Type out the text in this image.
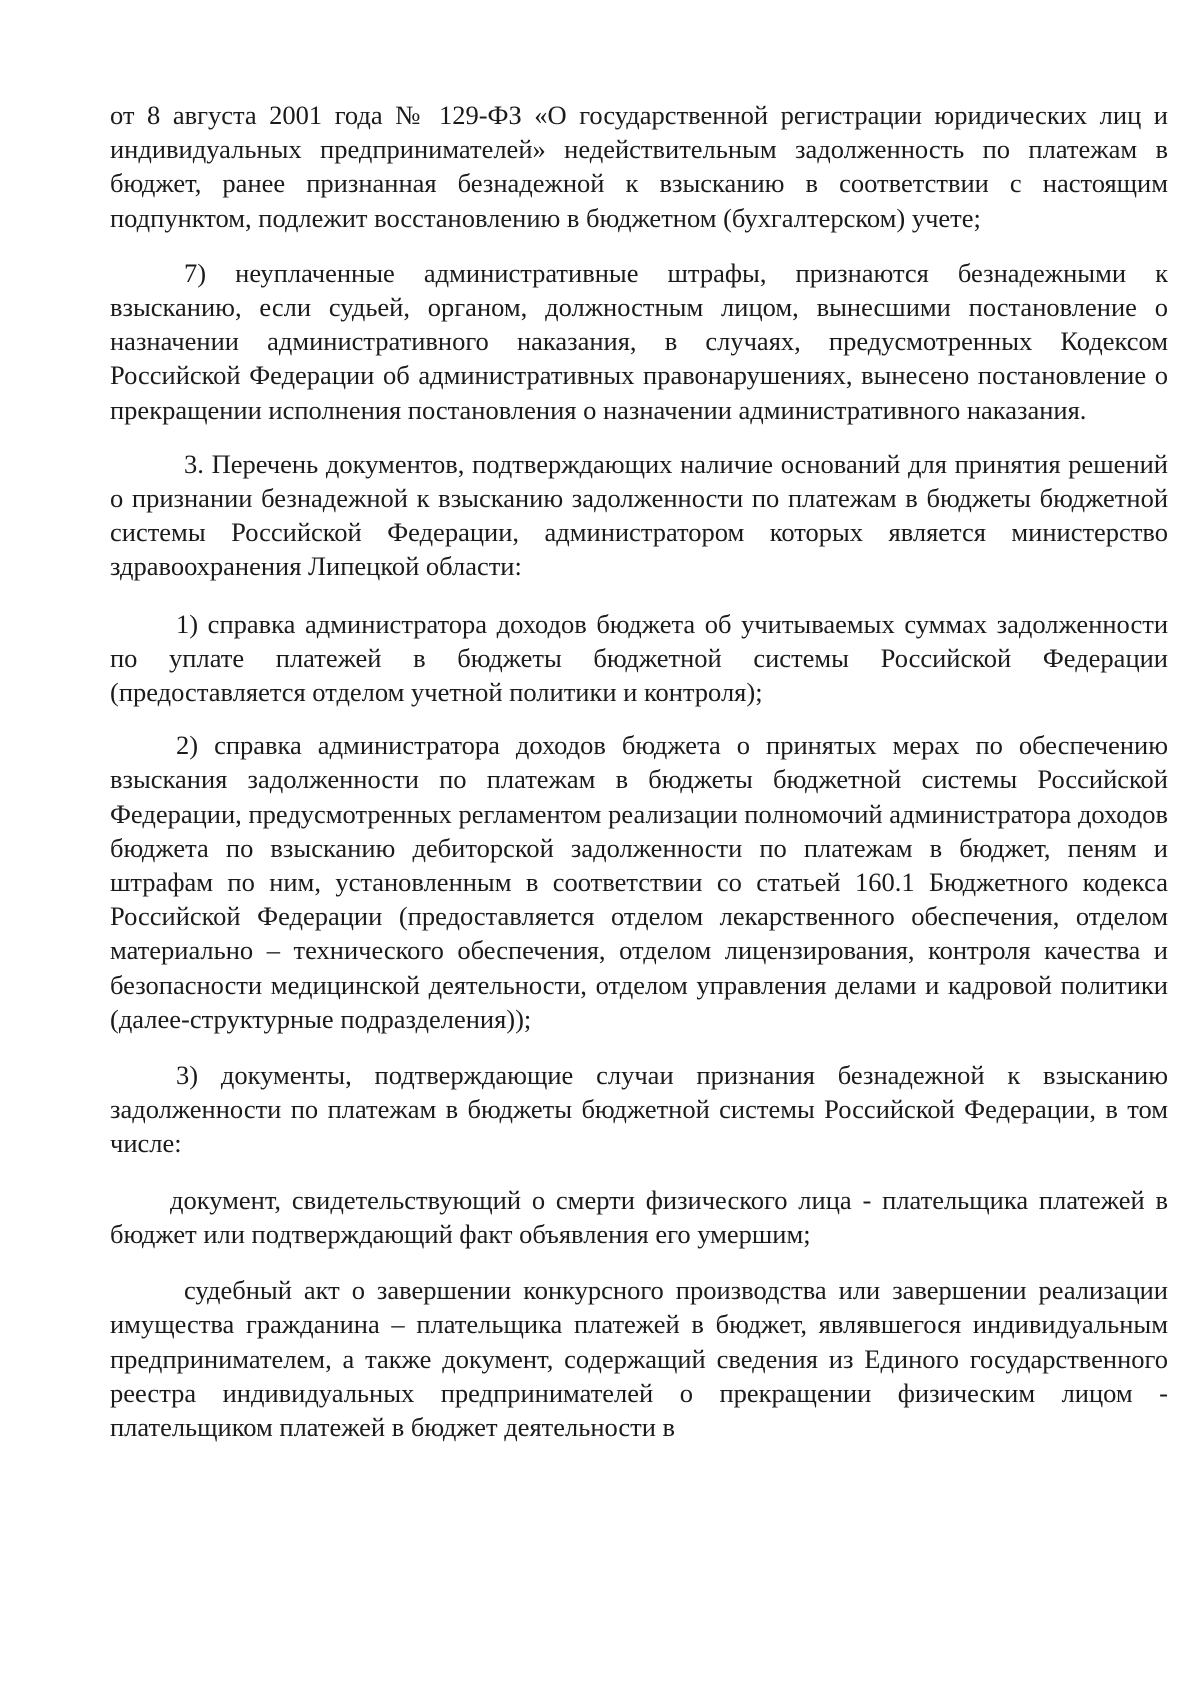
от 8 августа 2001 года № 129-ФЗ «О государственной регистрации юридических лиц и индивидуальных предпринимателей» недействительным задолженность по платежам в бюджет, ранее признанная безнадежной к взысканию в соответствии с настоящим подпунктом, подлежит восстановлению в бюджетном (бухгалтерском) учете;

7) неуплаченные административные штрафы, признаются безнадежными к взысканию, если судьей, органом, должностным лицом, вынесшими постановление о назначении административного наказания, в случаях, предусмотренных Кодексом Российской Федерации об административных правонарушениях, вынесено постановление о прекращении исполнения постановления о назначении административного наказания.

3. Перечень документов, подтверждающих наличие оснований для принятия решений о признании безнадежной к взысканию задолженности по платежам в бюджеты бюджетной системы Российской Федерации, администратором которых является министерство здравоохранения Липецкой области:

1) справка администратора доходов бюджета об учитываемых суммах задолженности по уплате платежей в бюджеты бюджетной системы Российской Федерации (предоставляется отделом учетной политики и контроля);

2) справка администратора доходов бюджета о принятых мерах по обеспечению взыскания задолженности по платежам в бюджеты бюджетной системы Российской Федерации, предусмотренных регламентом реализации полномочий администратора доходов бюджета по взысканию дебиторской задолженности по платежам в бюджет, пеням и штрафам по ним, установленным в соответствии со статьей 160.1 Бюджетного кодекса Российской Федерации (предоставляется отделом лекарственного обеспечения, отделом материально – технического обеспечения, отделом лицензирования, контроля качества и безопасности медицинской деятельности, отделом управления делами и кадровой политики (далее-структурные подразделения));

3) документы, подтверждающие случаи признания безнадежной к взысканию задолженности по платежам в бюджеты бюджетной системы Российской Федерации, в том числе:

документ, свидетельствующий о смерти физического лица - плательщика платежей в бюджет или подтверждающий факт объявления его умершим;

судебный акт о завершении конкурсного производства или завершении реализации имущества гражданина – плательщика платежей в бюджет, являвшегося индивидуальным предпринимателем, а также документ, содержащий сведения из Единого государственного реестра индивидуальных предпринимателей о прекращении физическим лицом - плательщиком платежей в бюджет деятельности в
